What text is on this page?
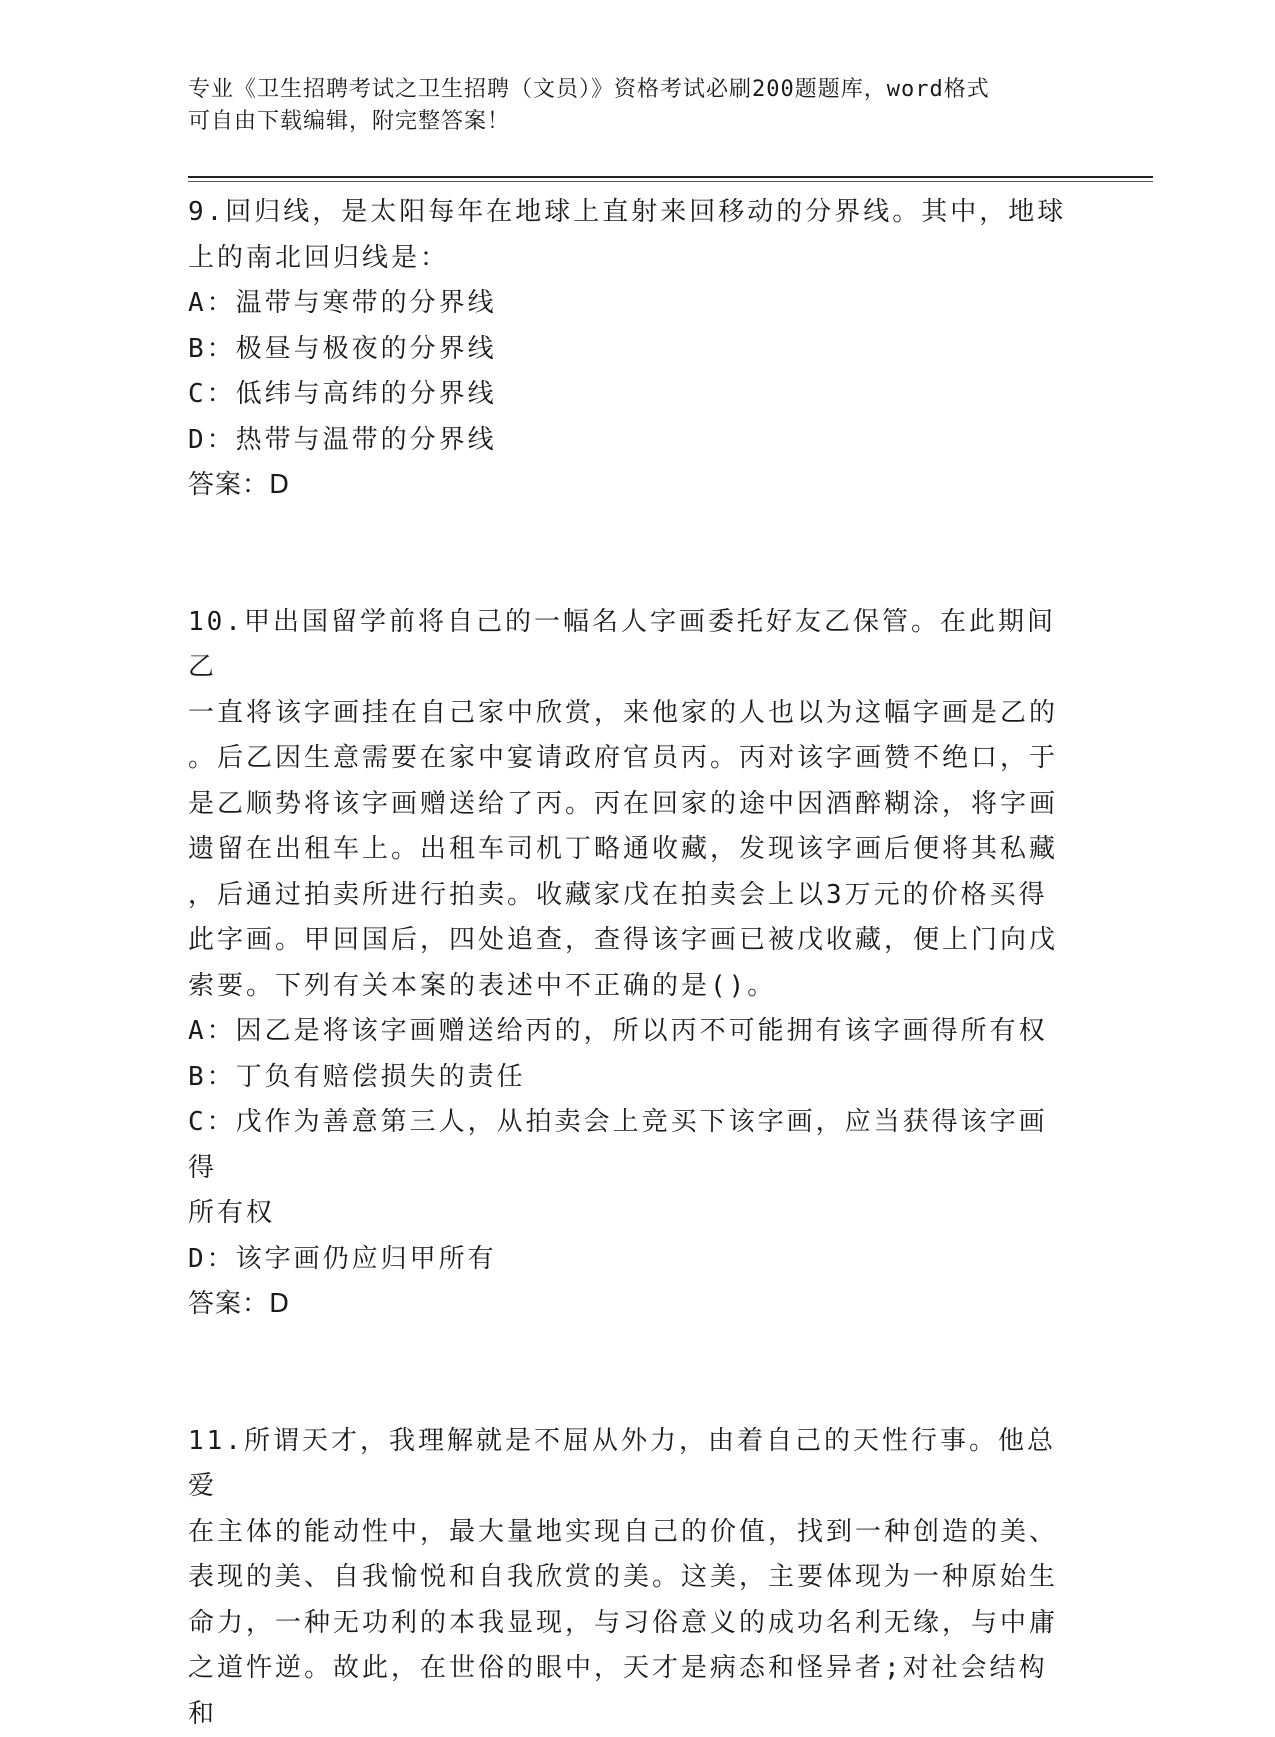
专业《卫生招聘考试之卫生招聘（文员）》资格考试必刷200题题库，word格式
可自由下载编辑，附完整答案！
9.回归线，是太阳每年在地球上直射来回移动的分界线。其中，地球
上的南北回归线是：
A：温带与寒带的分界线
B：极昼与极夜的分界线
C：低纬与高纬的分界线
D：热带与温带的分界线
答案：D
10.甲出国留学前将自己的一幅名人字画委托好友乙保管。在此期间乙
一直将该字画挂在自己家中欣赏，来他家的人也以为这幅字画是乙的
。后乙因生意需要在家中宴请政府官员丙。丙对该字画赞不绝口，于
是乙顺势将该字画赠送给了丙。丙在回家的途中因酒醉糊涂，将字画
遗留在出租车上。出租车司机丁略通收藏，发现该字画后便将其私藏
，后通过拍卖所进行拍卖。收藏家戊在拍卖会上以3万元的价格买得
此字画。甲回国后，四处追查，查得该字画已被戊收藏，便上门向戊
索要。下列有关本案的表述中不正确的是()。
A：因乙是将该字画赠送给丙的，所以丙不可能拥有该字画得所有权
B：丁负有赔偿损失的责任
C：戊作为善意第三人，从拍卖会上竞买下该字画，应当获得该字画得
所有权
D：该字画仍应归甲所有
答案：D
11.所谓天才，我理解就是不屈从外力，由着自己的天性行事。他总爱
在主体的能动性中，最大量地实现自己的价值，找到一种创造的美、
表现的美、自我愉悦和自我欣赏的美。这美，主要体现为一种原始生
命力，一种无功利的本我显现，与习俗意义的成功名利无缘，与中庸
之道忤逆。故此，在世俗的眼中，天才是病态和怪异者;对社会结构和
